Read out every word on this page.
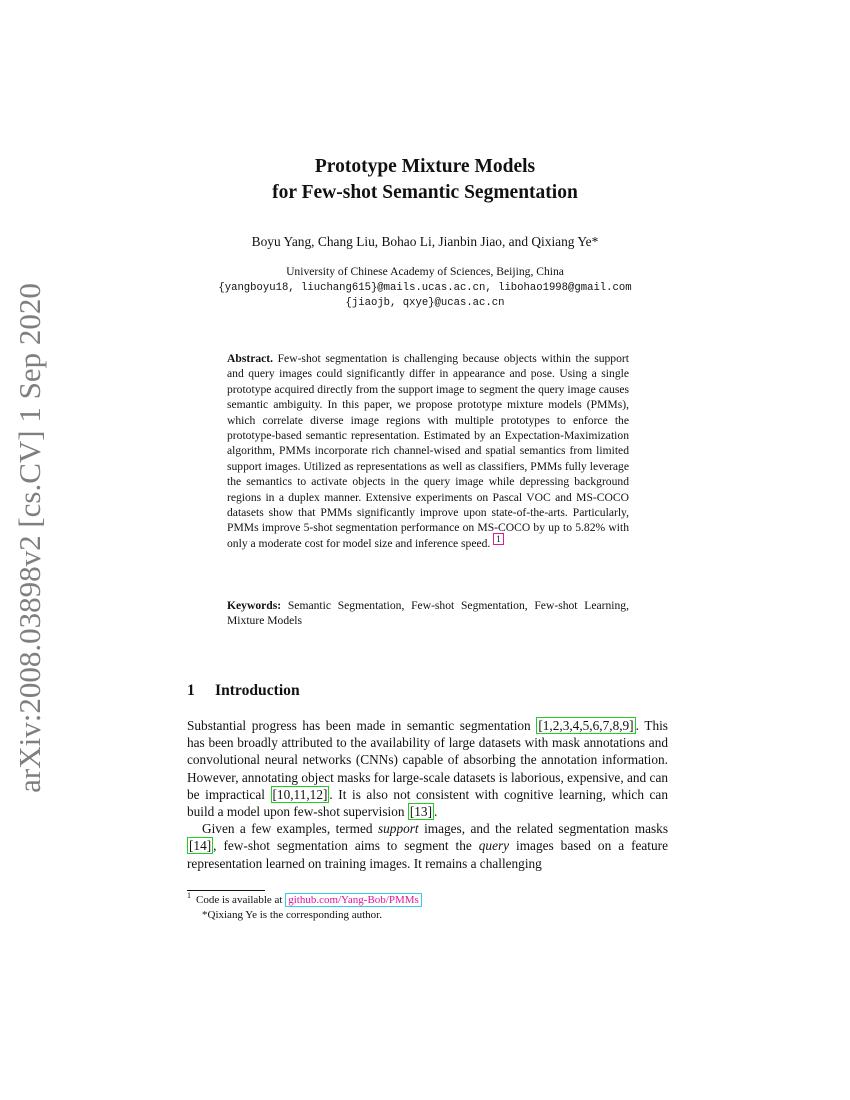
arXiv:2008.03898v2 [cs.CV] 1 Sep 2020
Prototype Mixture Models
for Few-shot Semantic Segmentation
Boyu Yang, Chang Liu, Bohao Li, Jianbin Jiao, and Qixiang Ye*
University of Chinese Academy of Sciences, Beijing, China
{yangboyu18, liuchang615}@mails.ucas.ac.cn, libohao1998@gmail.com
{jiaojb, qxye}@ucas.ac.cn
Abstract. Few-shot segmentation is challenging because objects within the support and query images could significantly differ in appearance and pose. Using a single prototype acquired directly from the support image to segment the query image causes semantic ambiguity. In this paper, we propose prototype mixture models (PMMs), which correlate diverse image regions with multiple prototypes to enforce the prototype-based semantic representation. Estimated by an Expectation-Maximization algorithm, PMMs incorporate rich channel-wised and spatial semantics from limited support images. Utilized as representations as well as classifiers, PMMs fully leverage the semantics to activate objects in the query image while depressing background regions in a duplex manner. Extensive experiments on Pascal VOC and MS-COCO datasets show that PMMs significantly improve upon state-of-the-arts. Particularly, PMMs improve 5-shot segmentation performance on MS-COCO by up to 5.82% with only a moderate cost for model size and inference speed. $^1$
Keywords: Semantic Segmentation, Few-shot Segmentation, Few-shot Learning, Mixture Models
1 Introduction

Substantial progress has been made in semantic segmentation [1,2,3,4,5,6,7,8,9] . This has been broadly attributed to the availability of large datasets with mask annotations and convolutional neural networks (CNNs) capable of absorbing the annotation information. However, annotating object masks for large-scale datasets is laborious, expensive, and can be impractical [10,11,12] . It is also not consistent with cognitive learning, which can build a model upon few-shot supervision [13] .

Given a few examples, termed support images, and the related segmentation masks [14] , few-shot segmentation aims to segment the query images based on a feature representation learned on training images. It remains a challenging

$^1$ Code is available at github.com/Yang-Bob/PMMs
*Qixiang Ye is the corresponding author.
